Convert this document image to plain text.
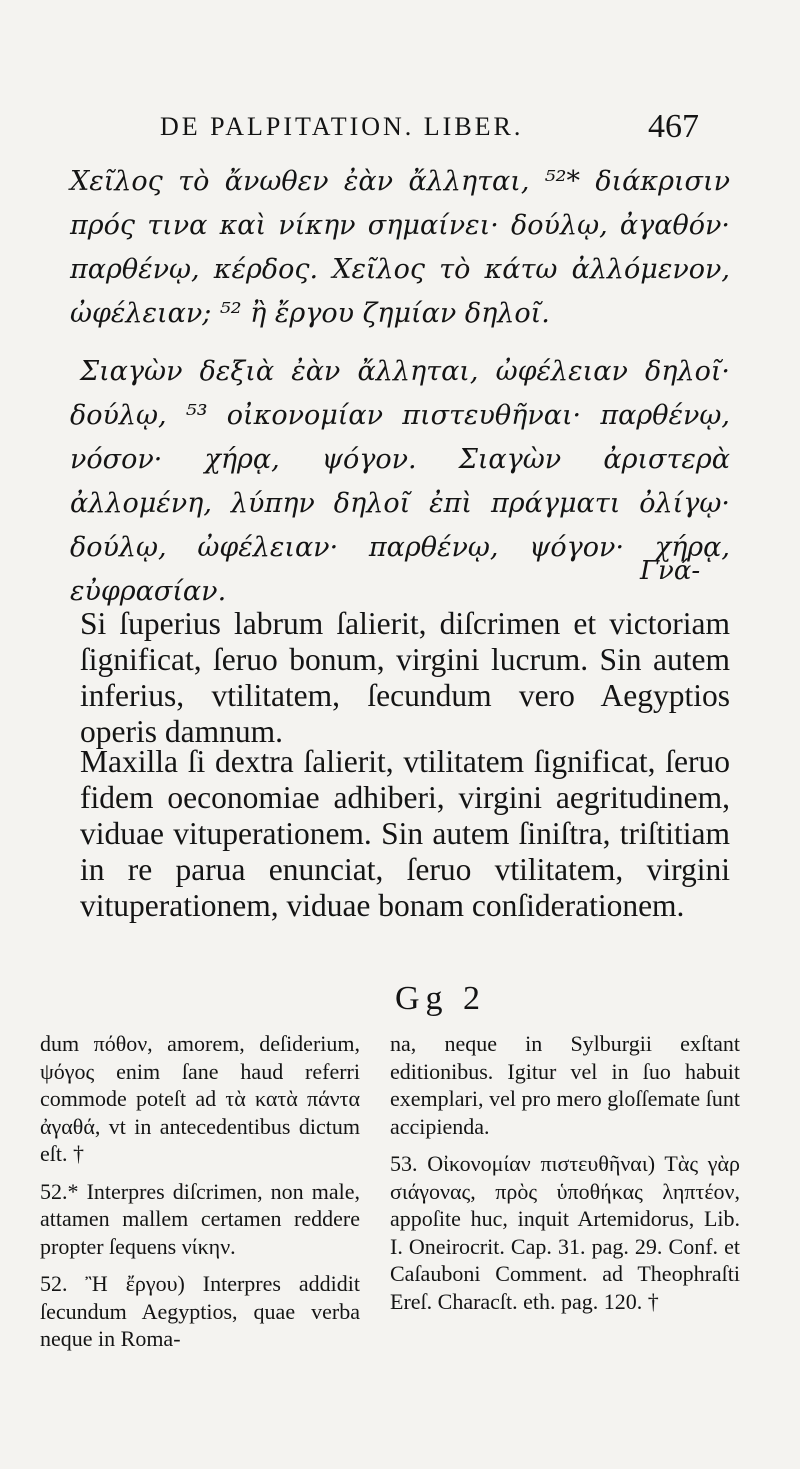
DE PALPITATION. LIBER.	467

Χεῖλος τὸ ἄνωθεν ἐὰν ἄλληται, ⁵²* διάκρισιν πρός τινα καὶ νίκην σημαίνει· δούλῳ, ἀγαθόν· παρθένῳ, κέρδος. Χεῖλος τὸ κάτω ἀλλόμενον, ὠφέλειαν; ⁵² ἢ ἔργου ζημίαν δηλοῖ.

Σιαγὼν δεξιὰ ἐὰν ἄλληται, ὠφέλειαν δηλοῖ· δούλῳ, ⁵³ οἰκονομίαν πιστευθῆναι· παρθένῳ, νόσον· χήρᾳ, ψόγον. Σιαγὼν ἀριστερὰ ἀλλομένη, λύπην δηλοῖ ἐπὶ πράγματι ὀλίγῳ· δούλῳ, ὠφέλειαν· παρθένῳ, ψόγον· χήρᾳ, εὐφρασίαν.

Γνά-

Si ſuperius labrum ſalierit, diſcrimen et victoriam ſignificat, ſeruo bonum, virgini lucrum. Sin autem inferius, vtilitatem, ſecundum vero Aegyptios operis damnum.

Maxilla ſi dextra ſalierit, vtilitatem ſignificat, ſeruo fidem oeconomiae adhiberi, virgini aegritudinem, viduae vituperationem. Sin autem ſiniſtra, triſtitiam in re parua enunciat, ſeruo vtilitatem, virgini vituperationem, viduae bonam conſiderationem.

Gg 2

dum πόθον, amorem, deſiderium, ψόγος enim ſane haud referri commode poteſt ad τὰ κατὰ πάντα ἀγαθά, vt in antecedentibus dictum eſt. †

52.* Interpres diſcrimen, non male, attamen mallem certamen reddere propter ſequens νίκην.

52. Ἢ ἔργου) Interpres addidit ſecundum Aegyptios, quae verba neque in Roma-

na, neque in Sylburgii exſtant editionibus. Igitur vel in ſuo habuit exemplari, vel pro mero gloſſemate ſunt accipienda.

53. Οἰκονομίαν πιστευθῆναι) Τὰς γὰρ σιάγονας, πρὸς ὑποθήκας ληπτέον, appoſite huc, inquit Artemidorus, Lib. I. Oneirocrit. Cap. 31. pag. 29. Conf. et Caſauboni Comment. ad Theophraſti Ereſ. Characſt. eth. pag. 120. †
